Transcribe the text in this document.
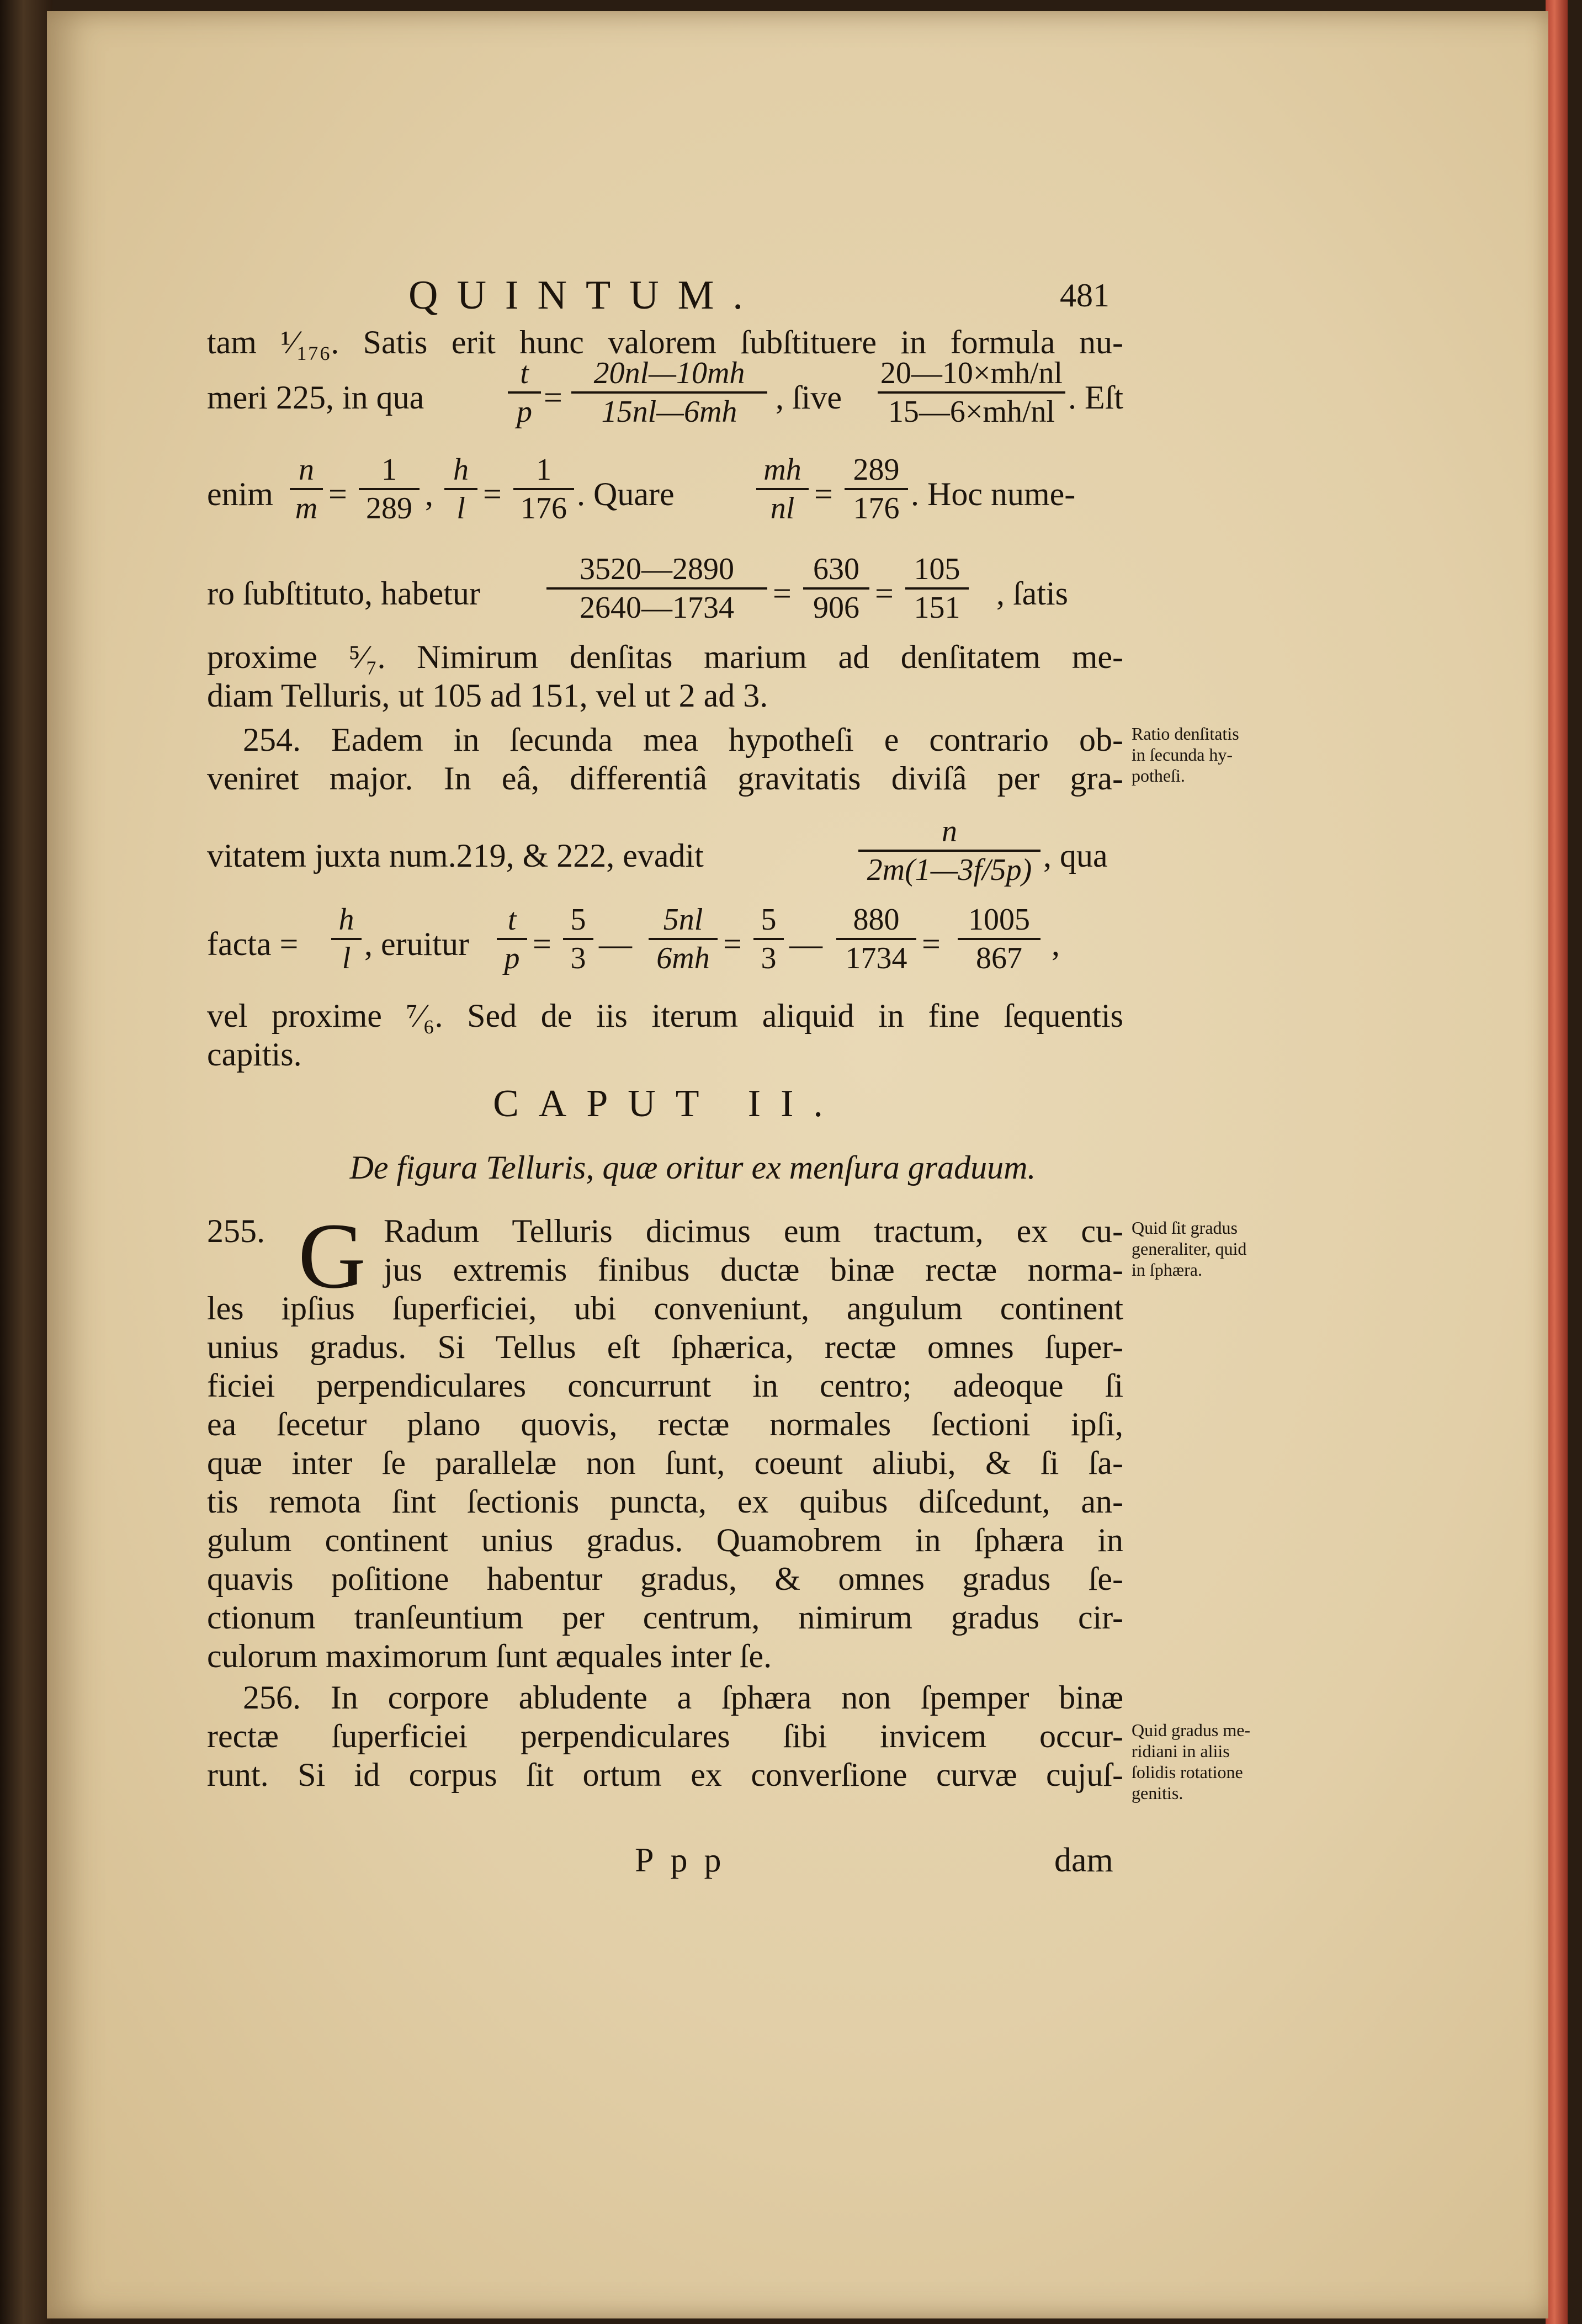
QUINTUM.	481
tam ¹⁄₁₇₆. Satis erit hunc valorem ſubſtituere in formula nu-
meri 225, in qua
t
p =
20nl—10mh
15nl—6mh	, ſive
20—10×mh/nl
15—6×mh/nl . Eſt
enim
n
m =
1
289 ,
h
l =
1
176 . Quare
mh
nl =
289
176 . Hoc nume-
ro ſubſtituto, habetur
3520—2890
2640—1734	=
630
906 =
105
151 , ſatis
proxime ⁵⁄₇. Nimirum denſitas marium ad denſitatem me-
diam Telluris, ut 105 ad 151, vel ut 2 ad 3.
254. Eadem in ſecunda mea hypotheſi e contrario ob-
veniret major. In eâ, differentiâ gravitatis diviſâ per gra-
vitatem juxta num.219, & 222, evadit
n
2m(1—3f/5p) , qua
facta =
h
l , eruitur
t
p =
5
3 —
5nl
6mh =
5
3 —
880
1734 =
1005
867 ,
vel proxime ⁷⁄₆. Sed de iis iterum aliquid in fine ſequentis
capitis.
CAPUT II.
De figura Telluris, quæ oritur ex menſura graduum.
255. G Radum Telluris dicimus eum tractum, ex cu-
jus extremis finibus ductæ binæ rectæ norma-
les ipſius ſuperficiei, ubi conveniunt, angulum continent
unius gradus. Si Tellus eſt ſphærica, rectæ omnes ſuper-
ficiei perpendiculares concurrunt in centro; adeoque ſi
ea ſecetur plano quovis, rectæ normales ſectioni ipſi,
quæ inter ſe parallelæ non ſunt, coeunt aliubi, & ſi ſa-
tis remota ſint ſectionis puncta, ex quibus diſcedunt, an-
gulum continent unius gradus. Quamobrem in ſphæra in
quavis poſitione habentur gradus, & omnes gradus ſe-
ctionum tranſeuntium per centrum, nimirum gradus cir-
culorum maximorum ſunt æquales inter ſe.
256. In corpore abludente a ſphæra non ſpemper binæ
rectæ ſuperficiei perpendiculares ſibi invicem occur-
runt. Si id corpus ſit ortum ex converſione curvæ cujuſ-
Ppp	dam
Ratio denſitatis
in ſecunda hy-
potheſi.
Quid ſit gradus
generaliter, quid
in ſphæra.
Quid gradus me-
ridiani in aliis
ſolidis rotatione
genitis.
